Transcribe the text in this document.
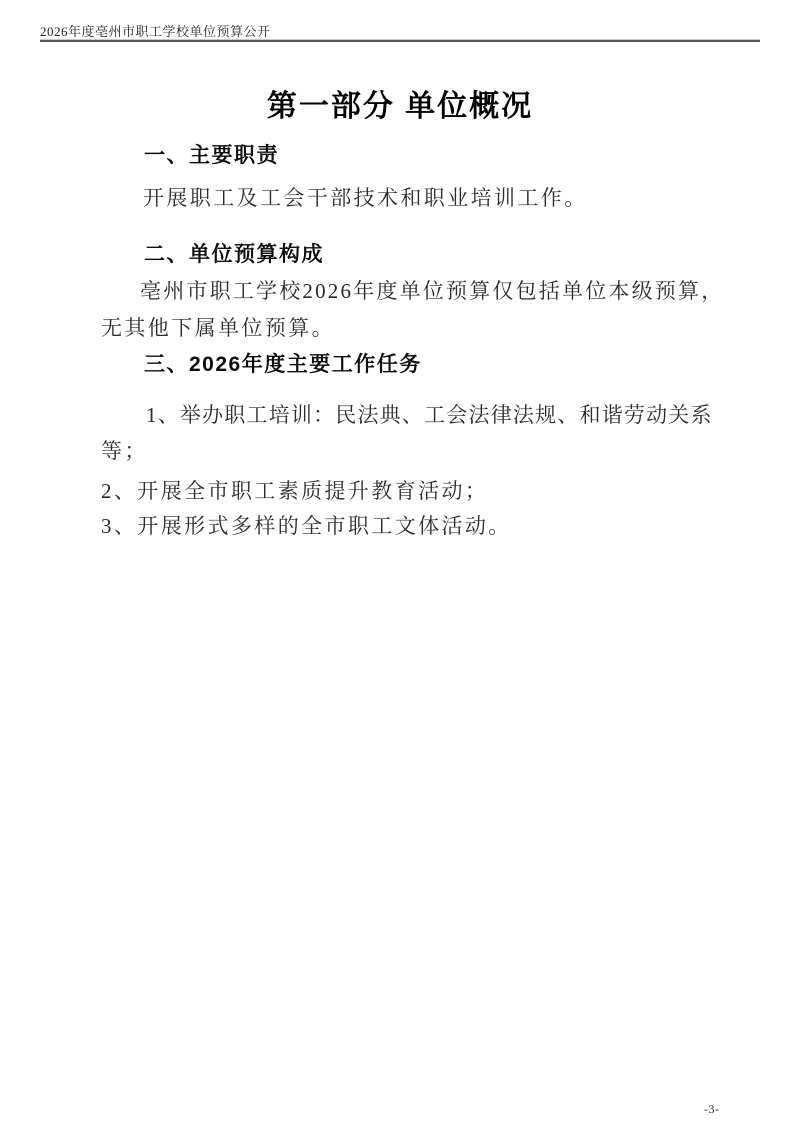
2026年度亳州市职工学校单位预算公开
第一部分 单位概况
一、主要职责
开展职工及工会干部技术和职业培训工作。
二、单位预算构成
亳州市职工学校2026年度单位预算仅包括单位本级预算，
无其他下属单位预算。
三、2026年度主要工作任务
1、举办职工培训：民法典、工会法律法规、和谐劳动关系
等；
2、开展全市职工素质提升教育活动；
3、开展形式多样的全市职工文体活动。
-3-
